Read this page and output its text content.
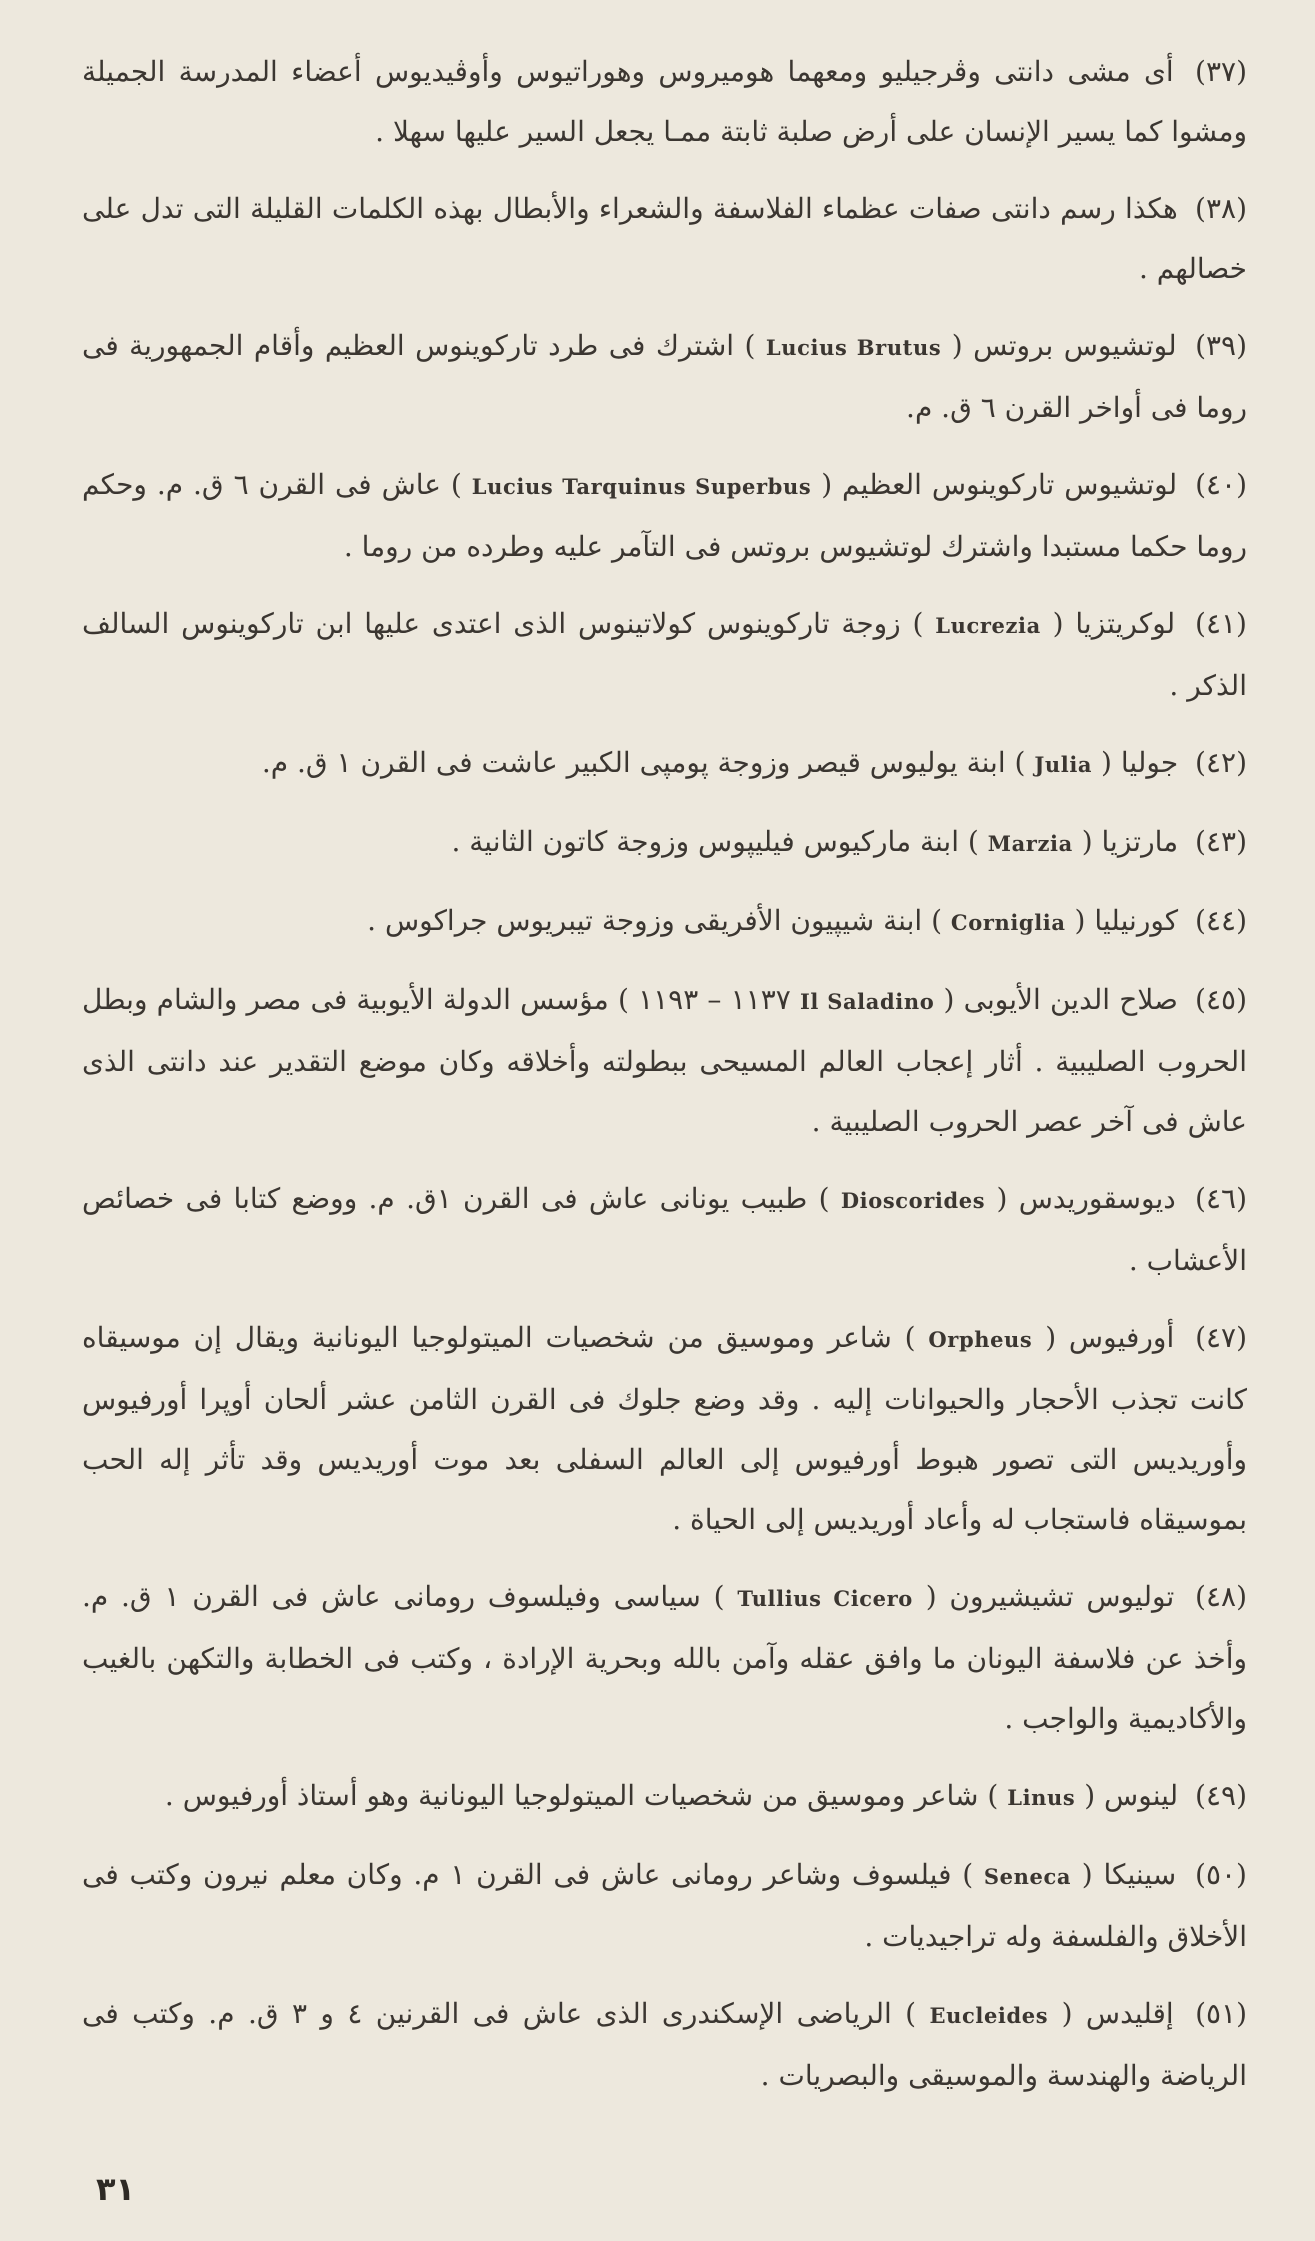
(٣٧) أى مشى دانتى وڤرجيليو ومعهما هوميروس وهوراتيوس وأوڤيديوس أعضاء المدرسة الجميلة ومشوا كما يسير الإنسان على أرض صلبة ثابتة ممـا يجعل السير عليها سهلا .

(٣٨) هكذا رسم دانتى صفات عظماء الفلاسفة والشعراء والأبطال بهذه الكلمات القليلة التى تدل على خصالهم .

(٣٩) لوتشيوس بروتس ( Lucius Brutus ) اشترك فى طرد تاركوينوس العظيم وأقام الجمهورية فى روما فى أواخر القرن ٦ ق. م.

(٤٠) لوتشيوس تاركوينوس العظيم ( Lucius Tarquinus Superbus ) عاش فى القرن ٦ ق. م. وحكم روما حكما مستبدا واشترك لوتشيوس بروتس فى التآمر عليه وطرده من روما .

(٤١) لوكريتزيا ( Lucrezia ) زوجة تاركوينوس كولاتينوس الذى اعتدى عليها ابن تاركوينوس السالف الذكر .

(٤٢) جوليا ( Julia ) ابنة يوليوس قيصر وزوجة پومپى الكبير عاشت فى القرن ١ ق. م.

(٤٣) مارتزيا ( Marzia ) ابنة ماركيوس فيليپوس وزوجة كاتون الثانية .

(٤٤) كورنيليا ( Corniglia ) ابنة شيپيون الأفريقى وزوجة تيبريوس جراكوس .

(٤٥) صلاح الدين الأيوبى ( Il Saladino ١١٣٧ – ١١٩٣ ) مؤسس الدولة الأيوبية فى مصر والشام وبطل الحروب الصليبية . أثار إعجاب العالم المسيحى ببطولته وأخلاقه وكان موضع التقدير عند دانتى الذى عاش فى آخر عصر الحروب الصليبية .

(٤٦) ديوسقوريدس ( Dioscorides ) طبيب يونانى عاش فى القرن ١ق. م. ووضع كتابا فى خصائص الأعشاب .

(٤٧) أورفيوس ( Orpheus ) شاعر وموسيق من شخصيات الميتولوجيا اليونانية ويقال إن موسيقاه كانت تجذب الأحجار والحيوانات إليه . وقد وضع جلوك فى القرن الثامن عشر ألحان أوپرا أورفيوس وأوريديس التى تصور هبوط أورفيوس إلى العالم السفلى بعد موت أوريديس وقد تأثر إله الحب بموسيقاه فاستجاب له وأعاد أوريديس إلى الحياة .

(٤٨) توليوس تشيشيرون ( Tullius Cicero ) سياسى وفيلسوف رومانى عاش فى القرن ١ ق. م. وأخذ عن فلاسفة اليونان ما وافق عقله وآمن بالله وبحرية الإرادة ، وكتب فى الخطابة والتكهن بالغيب والأكاديمية والواجب .

(٤٩) لينوس ( Linus ) شاعر وموسيق من شخصيات الميتولوجيا اليونانية وهو أستاذ أورفيوس .

(٥٠) سينيكا ( Seneca ) فيلسوف وشاعر رومانى عاش فى القرن ١ م. وكان معلم نيرون وكتب فى الأخلاق والفلسفة وله تراجيديات .

(٥١) إقليدس ( Eucleides ) الرياضى الإسكندرى الذى عاش فى القرنين ٤ و ٣ ق. م. وكتب فى الرياضة والهندسة والموسيقى والبصريات .

٣١
